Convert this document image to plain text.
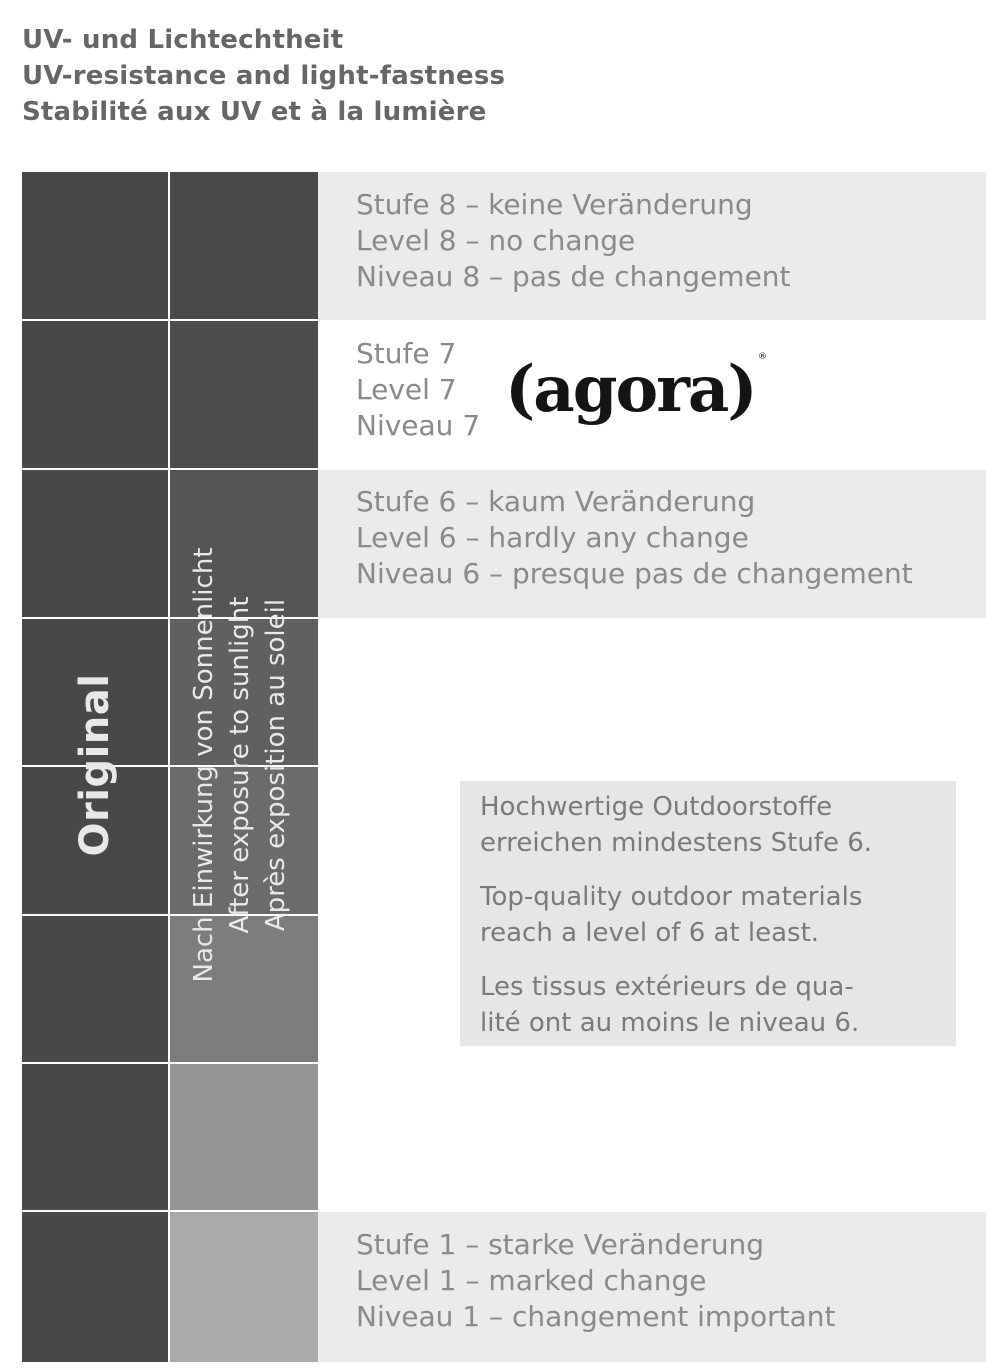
UV- und Lichtechtheit
UV-resistance and light-fastness
Stabilité aux UV et à la lumière
Stufe 8 – keine Veränderung
Level 8 – no change
Niveau 8 – pas de changement
Stufe 7
Level 7
Niveau 7
Stufe 6 – kaum Veränderung
Level 6 – hardly any change
Niveau 6 – presque pas de changement
Stufe 1 – starke Veränderung
Level 1 – marked change
Niveau 1 – changement important
Original	Nach Einwirkung von Sonnenlicht After exposure to sunlight Après exposition au soleil
(agora) ®

Hochwertige Outdoorstoffe
erreichen mindestens Stufe 6.

Top-quality outdoor materials
reach a level of 6 at least.

Les tissus extérieurs de qua-
lité ont au moins le niveau 6.
